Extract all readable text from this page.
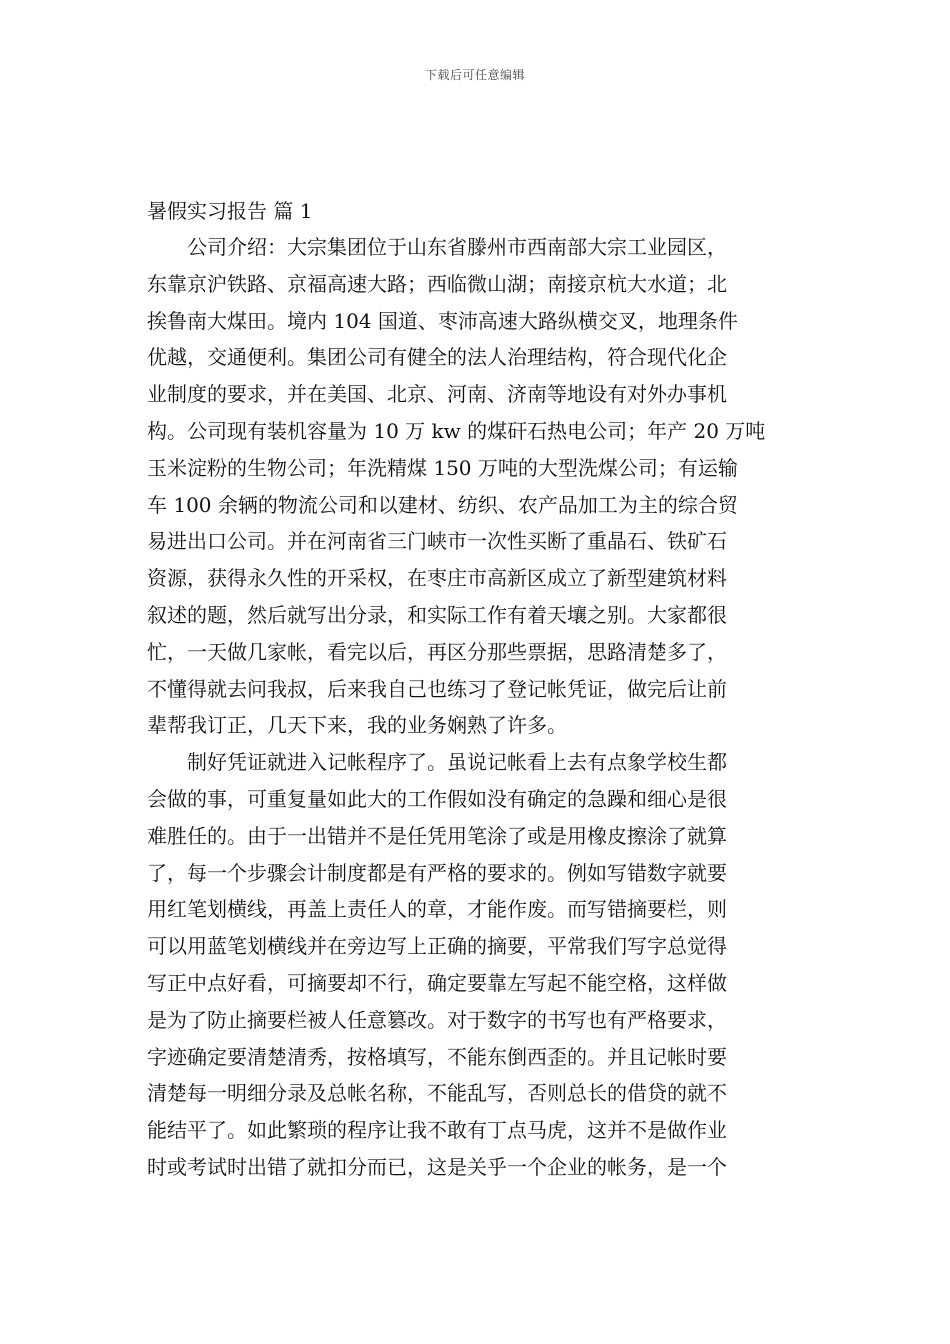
下载后可任意编辑
暑假实习报告 篇 1

公司介绍：大宗集团位于山东省滕州市西南部大宗工业园区，
东靠京沪铁路、京福高速大路；西临微山湖；南接京杭大水道；北
挨鲁南大煤田。境内 104 国道、枣沛高速大路纵横交叉，地理条件
优越，交通便利。集团公司有健全的法人治理结构，符合现代化企
业制度的要求，并在美国、北京、河南、济南等地设有对外办事机
构。公司现有装机容量为 10 万 kw 的煤矸石热电公司；年产 20 万吨
玉米淀粉的生物公司；年洗精煤 150 万吨的大型洗煤公司；有运输
车 100 余辆的物流公司和以建材、纺织、农产品加工为主的综合贸
易进出口公司。并在河南省三门峡市一次性买断了重晶石、铁矿石
资源，获得永久性的开采权，在枣庄市高新区成立了新型建筑材料
叙述的题，然后就写出分录，和实际工作有着天壤之别。大家都很
忙，一天做几家帐，看完以后，再区分那些票据，思路清楚多了，
不懂得就去问我叔，后来我自己也练习了登记帐凭证，做完后让前
辈帮我订正，几天下来，我的业务娴熟了许多。

制好凭证就进入记帐程序了。虽说记帐看上去有点象学校生都
会做的事，可重复量如此大的工作假如没有确定的急躁和细心是很
难胜任的。由于一出错并不是任凭用笔涂了或是用橡皮擦涂了就算
了，每一个步骤会计制度都是有严格的要求的。例如写错数字就要
用红笔划横线，再盖上责任人的章，才能作废。而写错摘要栏，则
可以用蓝笔划横线并在旁边写上正确的摘要，平常我们写字总觉得
写正中点好看，可摘要却不行，确定要靠左写起不能空格，这样做
是为了防止摘要栏被人任意篡改。对于数字的书写也有严格要求，
字迹确定要清楚清秀，按格填写，不能东倒西歪的。并且记帐时要
清楚每一明细分录及总帐名称，不能乱写，否则总长的借贷的就不
能结平了。如此繁琐的程序让我不敢有丁点马虎，这并不是做作业
时或考试时出错了就扣分而已，这是关乎一个企业的帐务，是一个
